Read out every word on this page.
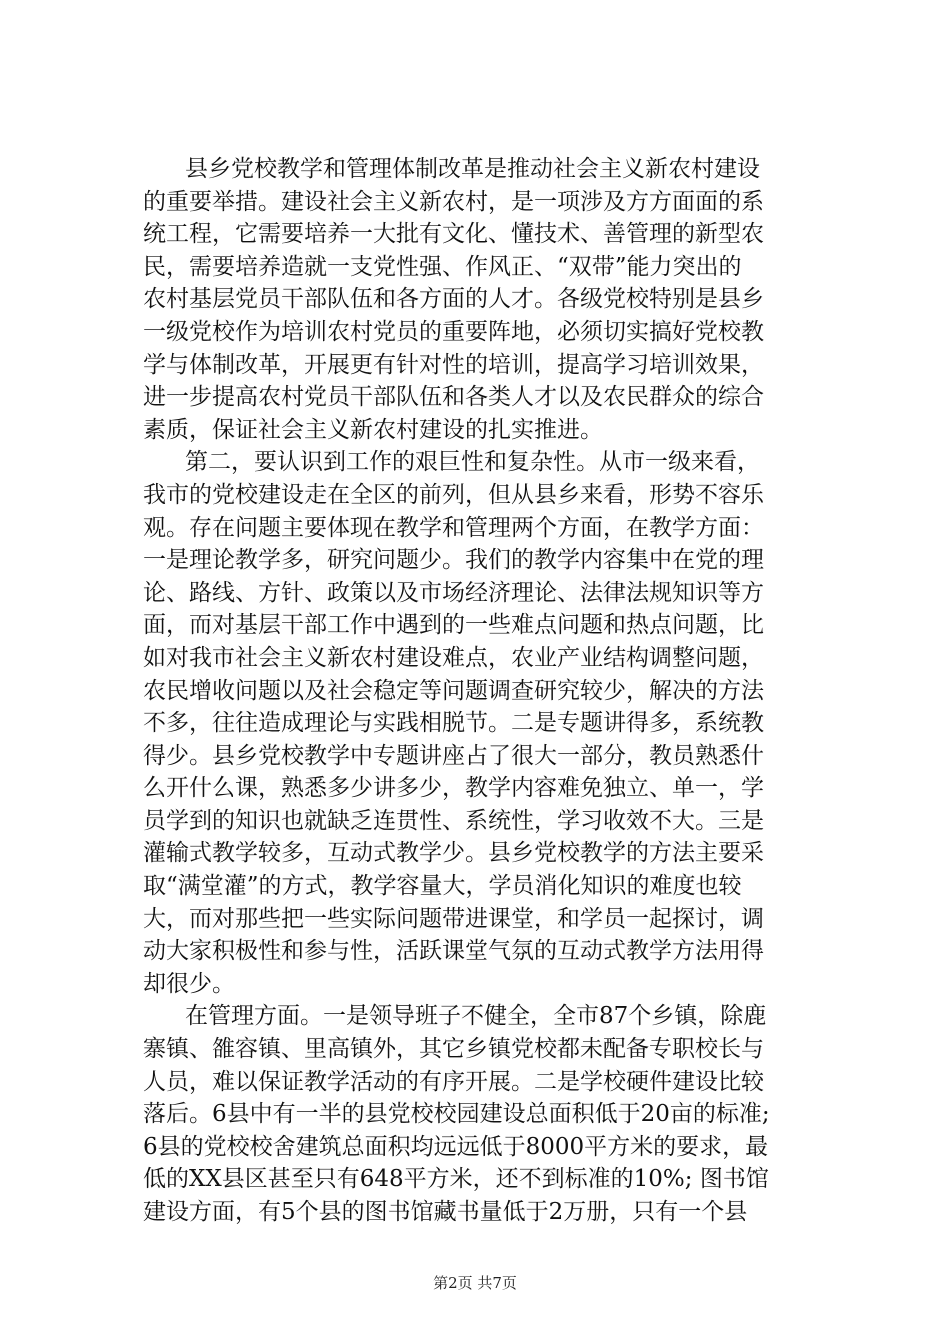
县乡党校教学和管理体制改革是推动社会主义新农村建设
的重要举措。建设社会主义新农村，是一项涉及方方面面的系
统工程，它需要培养一大批有文化、懂技术、善管理的新型农
民，需要培养造就一支党性强、作风正、“双带”能力突出的
农村基层党员干部队伍和各方面的人才。各级党校特别是县乡
一级党校作为培训农村党员的重要阵地，必须切实搞好党校教
学与体制改革，开展更有针对性的培训，提高学习培训效果，
进一步提高农村党员干部队伍和各类人才以及农民群众的综合
素质，保证社会主义新农村建设的扎实推进。
第二，要认识到工作的艰巨性和复杂性。从市一级来看，
我市的党校建设走在全区的前列，但从县乡来看，形势不容乐
观。存在问题主要体现在教学和管理两个方面，在教学方面：
一是理论教学多，研究问题少。我们的教学内容集中在党的理
论、路线、方针、政策以及市场经济理论、法律法规知识等方
面，而对基层干部工作中遇到的一些难点问题和热点问题，比
如对我市社会主义新农村建设难点，农业产业结构调整问题，
农民增收问题以及社会稳定等问题调查研究较少，解决的方法
不多，往往造成理论与实践相脱节。二是专题讲得多，系统教
得少。县乡党校教学中专题讲座占了很大一部分，教员熟悉什
么开什么课，熟悉多少讲多少，教学内容难免独立、单一，学
员学到的知识也就缺乏连贯性、系统性，学习收效不大。三是
灌输式教学较多，互动式教学少。县乡党校教学的方法主要采
取“满堂灌”的方式，教学容量大，学员消化知识的难度也较
大，而对那些把一些实际问题带进课堂，和学员一起探讨，调
动大家积极性和参与性，活跃课堂气氛的互动式教学方法用得
却很少。
在管理方面。一是领导班子不健全，全市87个乡镇，除鹿
寨镇、雒容镇、里高镇外，其它乡镇党校都未配备专职校长与
人员，难以保证教学活动的有序开展。二是学校硬件建设比较
落后。6县中有一半的县党校校园建设总面积低于20亩的标准;
6县的党校校舍建筑总面积均远远低于8000平方米的要求，最
低的XX县区甚至只有648平方米，还不到标准的10%; 图书馆
建设方面，有5个县的图书馆藏书量低于2万册，只有一个县
第2页 共7页
